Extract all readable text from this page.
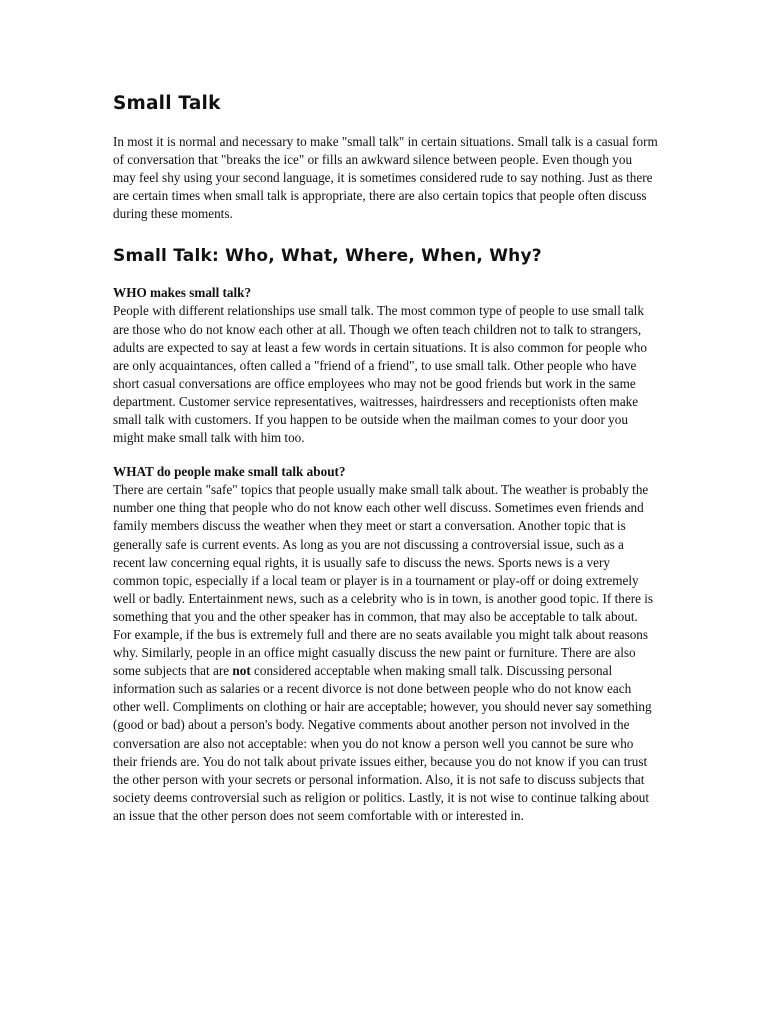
Small Talk

In most it is normal and necessary to make "small talk" in certain situations. Small talk is a casual form of conversation that "breaks the ice" or fills an awkward silence between people. Even though you may feel shy using your second language, it is sometimes considered rude to say nothing. Just as there are certain times when small talk is appropriate, there are also certain topics that people often discuss during these moments.

Small Talk: Who, What, Where, When, Why?
WHO makes small talk?

People with different relationships use small talk. The most common type of people to use small talk are those who do not know each other at all. Though we often teach children not to talk to strangers, adults are expected to say at least a few words in certain situations. It is also common for people who are only acquaintances, often called a "friend of a friend", to use small talk. Other people who have short casual conversations are office employees who may not be good friends but work in the same department. Customer service representatives, waitresses, hairdressers and receptionists often make small talk with customers. If you happen to be outside when the mailman comes to your door you might make small talk with him too.

WHAT do people make small talk about?

There are certain "safe" topics that people usually make small talk about. The weather is probably the number one thing that people who do not know each other well discuss. Sometimes even friends and family members discuss the weather when they meet or start a conversation. Another topic that is generally safe is current events. As long as you are not discussing a controversial issue, such as a recent law concerning equal rights, it is usually safe to discuss the news. Sports news is a very common topic, especially if a local team or player is in a tournament or play-off or doing extremely well or badly. Entertainment news, such as a celebrity who is in town, is another good topic. If there is something that you and the other speaker has in common, that may also be acceptable to talk about. For example, if the bus is extremely full and there are no seats available you might talk about reasons why. Similarly, people in an office might casually discuss the new paint or furniture. There are also some subjects that are not considered acceptable when making small talk. Discussing personal information such as salaries or a recent divorce is not done between people who do not know each other well. Compliments on clothing or hair are acceptable; however, you should never say something (good or bad) about a person's body. Negative comments about another person not involved in the conversation are also not acceptable: when you do not know a person well you cannot be sure who their friends are. You do not talk about private issues either, because you do not know if you can trust the other person with your secrets or personal information. Also, it is not safe to discuss subjects that society deems controversial such as religion or politics. Lastly, it is not wise to continue talking about an issue that the other person does not seem comfortable with or interested in.
